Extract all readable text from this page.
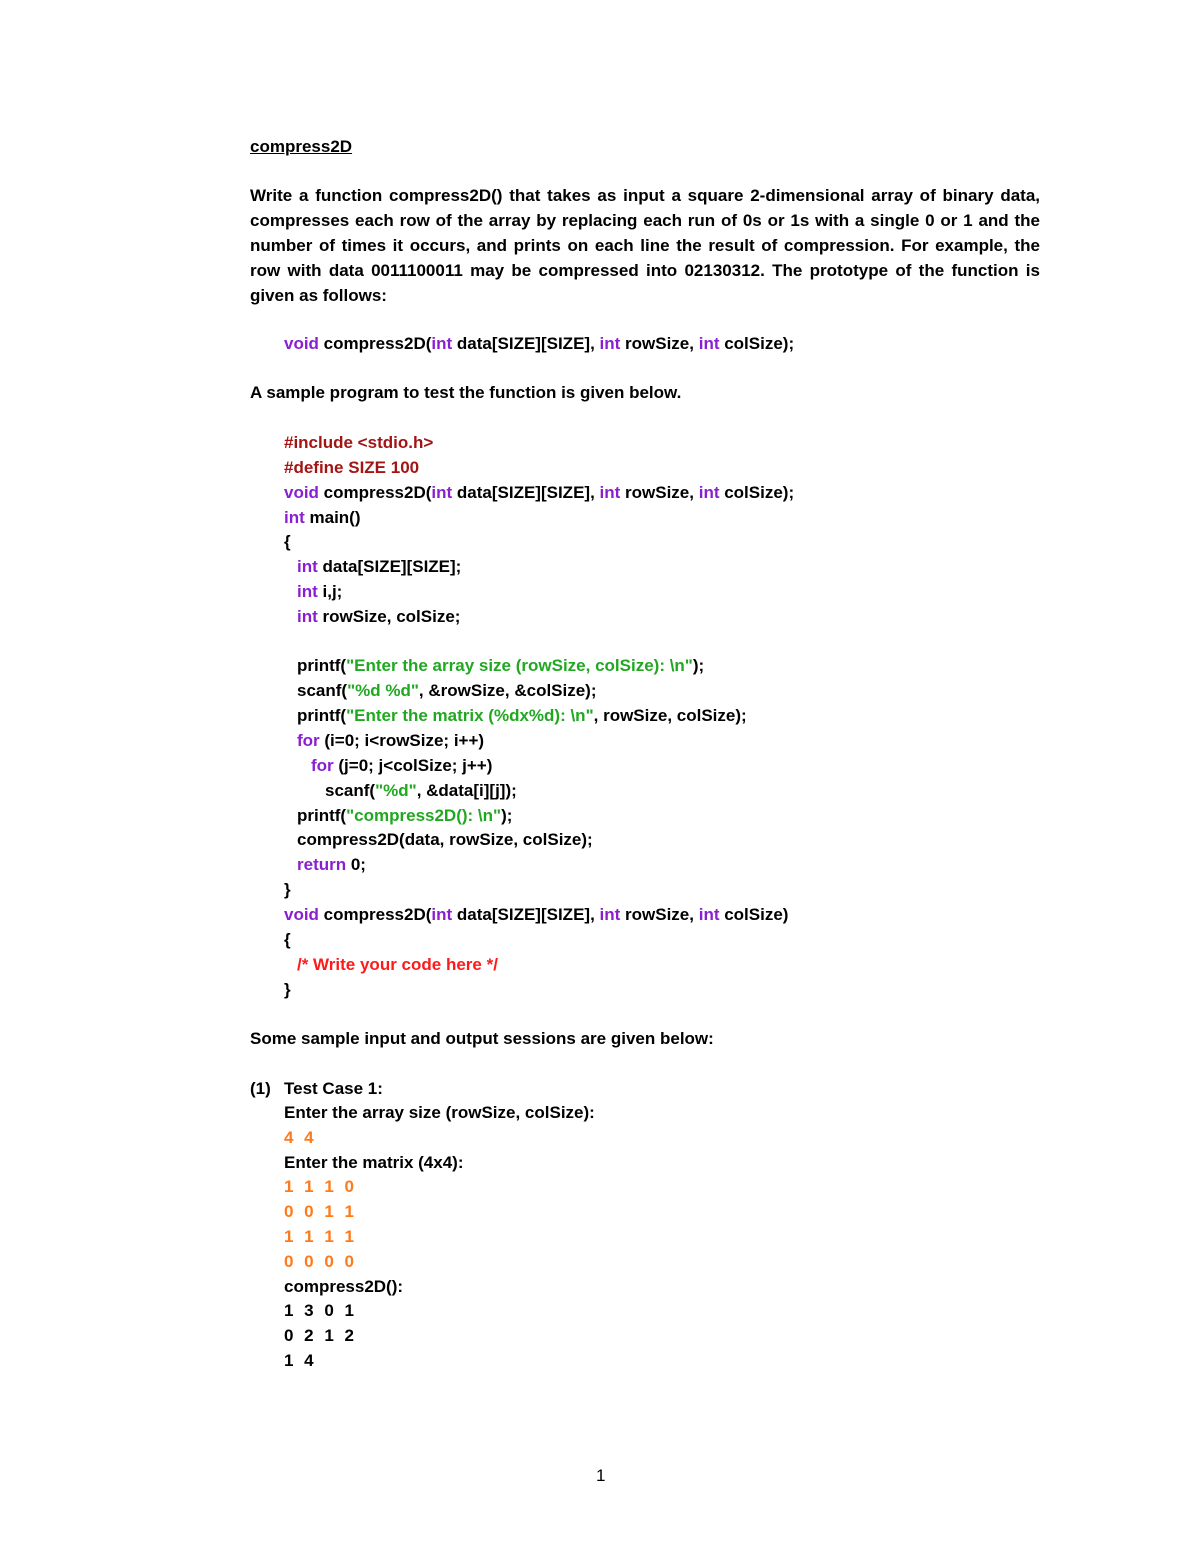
compress2D
Write a function compress2D() that takes as input a square 2-dimensional array of binary data, compresses each row of the array by replacing each run of 0s or 1s with a single 0 or 1 and the number of times it occurs, and prints on each line the result of compression. For example, the row with data 0011100011 may be compressed into 02130312. The prototype of the function is given as follows:
void compress2D(int data[SIZE][SIZE], int rowSize, int colSize);
A sample program to test the function is given below.
#include <stdio.h>
#define SIZE 100
void compress2D(int data[SIZE][SIZE], int rowSize, int colSize);
int main()
{
int data[SIZE][SIZE];
int i,j;
int rowSize, colSize;
printf("Enter the array size (rowSize, colSize): \n");
scanf("%d %d", &rowSize, &colSize);
printf("Enter the matrix (%dx%d): \n", rowSize, colSize);
for (i=0; i<rowSize; i++)
for (j=0; j<colSize; j++)
scanf("%d", &data[i][j]);
printf("compress2D(): \n");
compress2D(data, rowSize, colSize);
return 0;
}
void compress2D(int data[SIZE][SIZE], int rowSize, int colSize)
{
/* Write your code here */
}
Some sample input and output sessions are given below:
(1) Test Case 1:
Enter the array size (rowSize, colSize):
4 4
Enter the matrix (4x4):
1 1 1 0
0 0 1 1
1 1 1 1
0 0 0 0
compress2D():
1 3 0 1
0 2 1 2
1 4
1
